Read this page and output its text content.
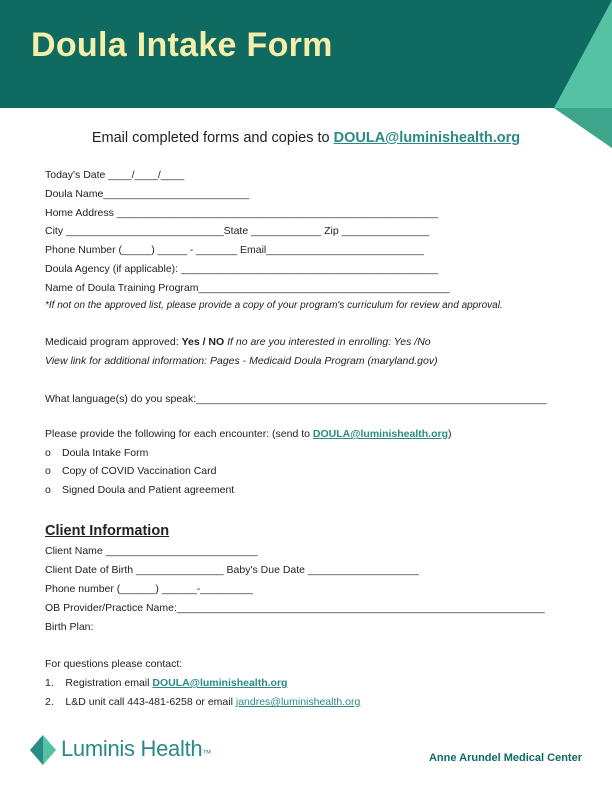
Doula Intake Form
Email completed forms and copies to DOULA@luminishealth.org
Today's Date ____/____/____
Doula Name_________________________
Home Address _______________________________________________________
City ___________________________State ____________ Zip _______________
Phone Number (_____) _____ - _______ Email___________________________
Doula Agency (if applicable): ____________________________________________
Name of Doula Training Program___________________________________________
*If not on the approved list, please provide a copy of your program's curriculum for review and approval.
Medicaid program approved: Yes / NO If no are you interested in enrolling: Yes /No
View link for additional information: Pages - Medicaid Doula Program (maryland.gov)
What language(s) do you speak:____________________________________________________________
Please provide the following for each encounter: (send to DOULA@luminishealth.org)
o Doula Intake Form
o Copy of COVID Vaccination Card
o Signed Doula and Patient agreement
Client Information
Client Name __________________________
Client Date of Birth _______________ Baby's Due Date ___________________
Phone number (______) ______-_________
OB Provider/Practice Name:_______________________________________________________________
Birth Plan:
For questions please contact:
1.    Registration email DOULA@luminishealth.org
2.    L&D unit call 443-481-6258 or email jandres@luminishealth.org
Luminis Health™	Anne Arundel Medical Center
